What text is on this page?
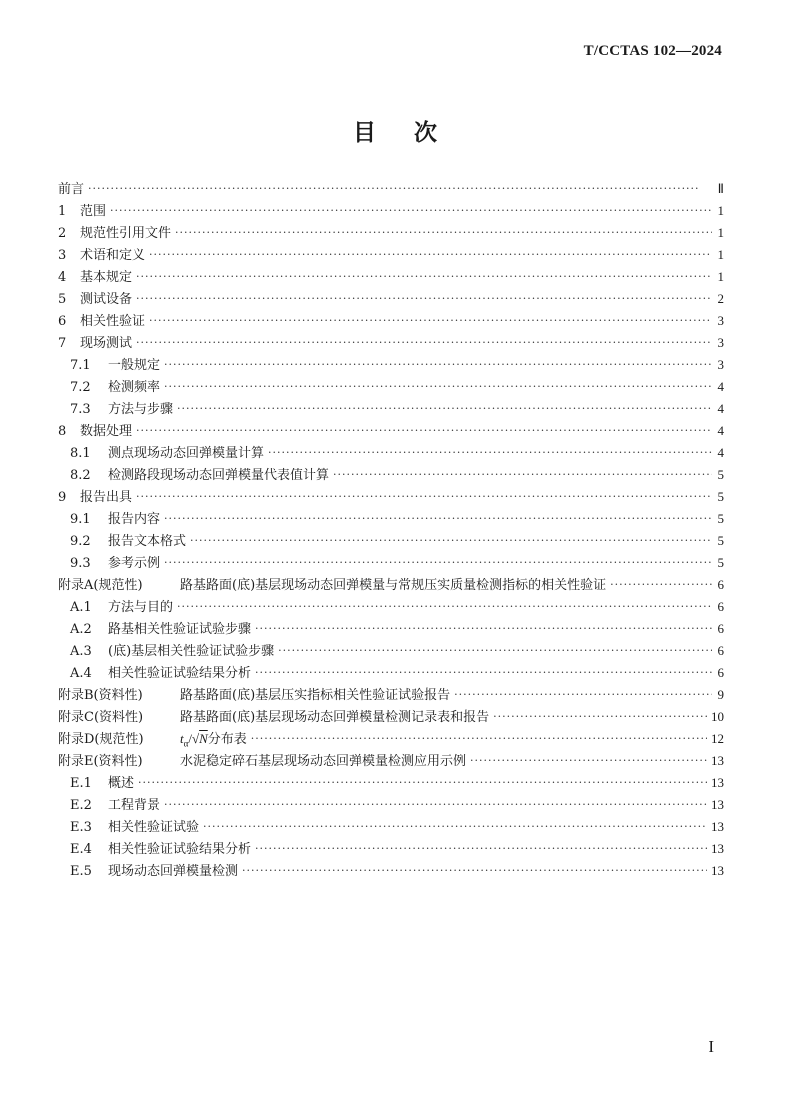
T/CCTAS 102—2024
目次
前言 ·····	Ⅱ
1	范围 ·····	1
2	规范性引用文件 ·····	1
3	术语和定义 ·····	1
4	基本规定 ·····	1
5	测试设备 ·····	2
6	相关性验证 ·····	3
7	现场测试 ·····	3
7.1	一般规定 ·····	3
7.2	检测频率 ·····	4
7.3	方法与步骤 ·····	4
8	数据处理 ·····	4
8.1	测点现场动态回弹模量计算 ·····	4
8.2	检测路段现场动态回弹模量代表值计算 ·····	5
9	报告出具 ·····	5
9.1	报告内容 ·····	5
9.2	报告文本格式 ·····	5
9.3	参考示例 ·····	5
附录A(规范性)	路基路面(底)基层现场动态回弹模量与常规压实质量检测指标的相关性验证 ·····	6
A.1	方法与目的 ·····	6
A.2	路基相关性验证试验步骤 ·····	6
A.3	(底)基层相关性验证试验步骤 ·····	6
A.4	相关性验证试验结果分析 ·····	6
附录B(资料性)	路基路面(底)基层压实指标相关性验证试验报告 ·····	9
附录C(资料性)	路基路面(底)基层现场动态回弹模量检测记录表和报告 ·····	10
附录D(规范性)	$t_\alpha/√N$ 分布表 ·····	12
附录E(资料性)	水泥稳定碎石基层现场动态回弹模量检测应用示例 ·····	13
E.1	概述 ·····	13
E.2	工程背景 ·····	13
E.3	相关性验证试验 ·····	13
E.4	相关性验证试验结果分析 ·····	13
E.5	现场动态回弹模量检测 ·····	13
I
